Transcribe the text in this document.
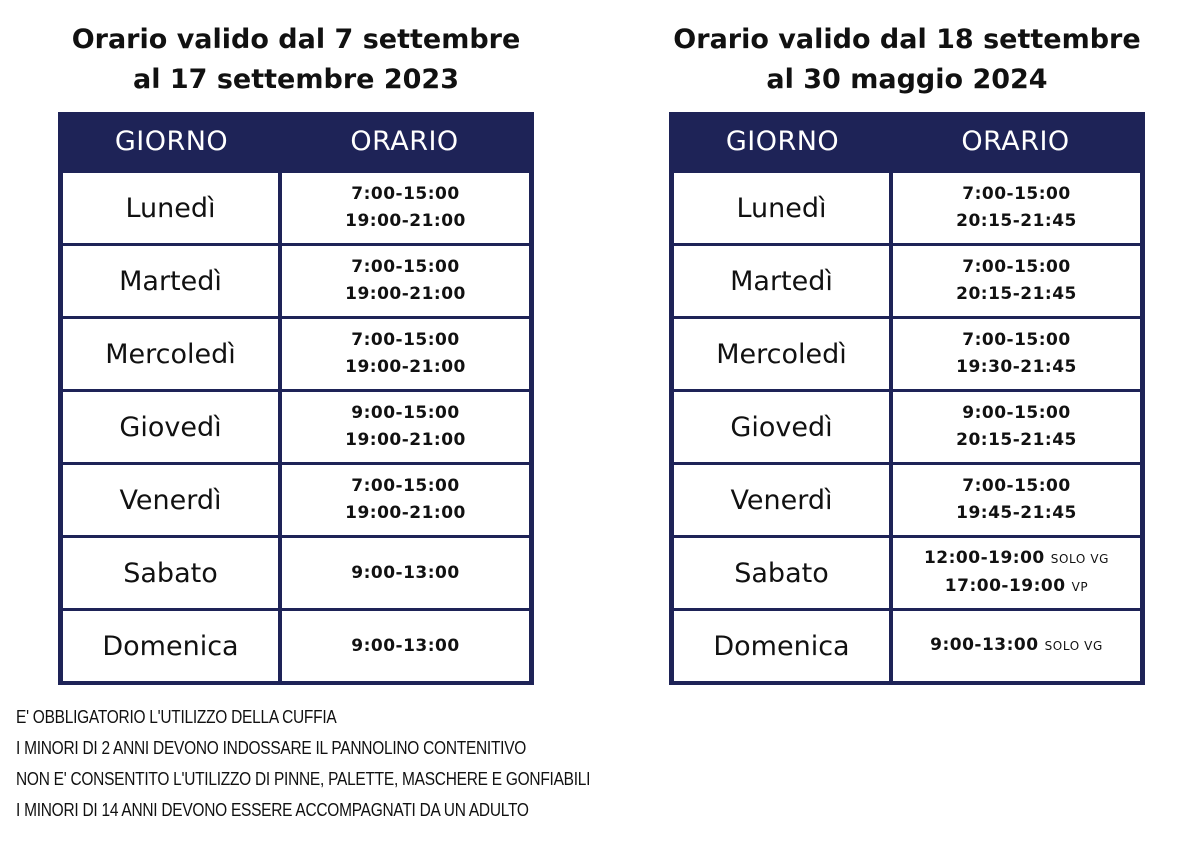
Orario valido dal 7 settembre
al 17 settembre 2023
GIORNO	ORARIO
Lunedì	7:00-15:00
19:00-21:00
Martedì	7:00-15:00
19:00-21:00
Mercoledì	7:00-15:00
19:00-21:00
Giovedì	9:00-15:00
19:00-21:00
Venerdì	7:00-15:00
19:00-21:00
Sabato	9:00-13:00
Domenica	9:00-13:00
Orario valido dal 18 settembre
al 30 maggio 2024
GIORNO	ORARIO
Lunedì	7:00-15:00
20:15-21:45
Martedì	7:00-15:00
20:15-21:45
Mercoledì	7:00-15:00
19:30-21:45
Giovedì	9:00-15:00
20:15-21:45
Venerdì	7:00-15:00
19:45-21:45
Sabato	12:00-19:00 SOLO VG
17:00-19:00 VP
Domenica	9:00-13:00 SOLO VG
E' OBBLIGATORIO L'UTILIZZO DELLA CUFFIA
I MINORI DI 2 ANNI DEVONO INDOSSARE IL PANNOLINO CONTENITIVO
NON E' CONSENTITO L'UTILIZZO DI PINNE, PALETTE, MASCHERE E GONFIABILI
I MINORI DI 14 ANNI DEVONO ESSERE ACCOMPAGNATI DA UN ADULTO
